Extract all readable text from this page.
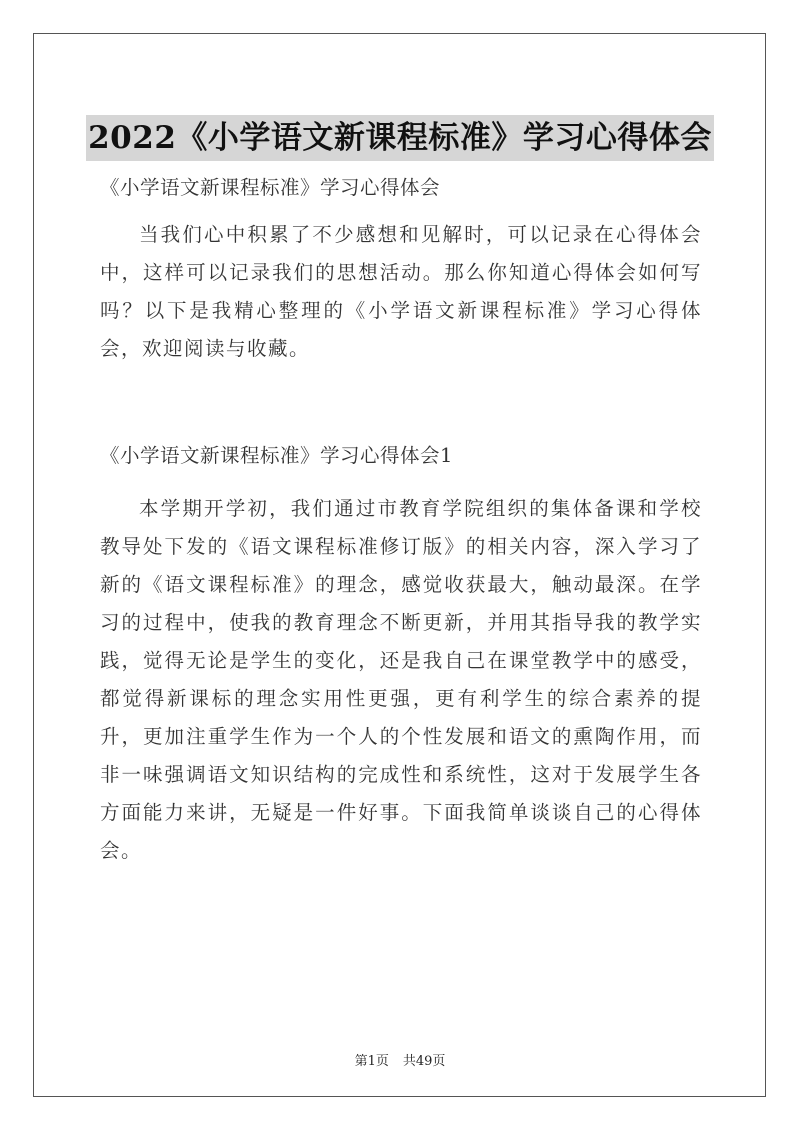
2022《小学语文新课程标准》学习心得体会

《小学语文新课程标准》学习心得体会

当我们心中积累了不少感想和见解时，可以记录在心得体会中，这样可以记录我们的思想活动。那么你知道心得体会如何写吗？以下是我精心整理的《小学语文新课程标准》学习心得体会，欢迎阅读与收藏。

《小学语文新课程标准》学习心得体会1

本学期开学初，我们通过市教育学院组织的集体备课和学校教导处下发的《语文课程标准修订版》的相关内容，深入学习了新的《语文课程标准》的理念，感觉收获最大，触动最深。在学习的过程中，使我的教育理念不断更新，并用其指导我的教学实践，觉得无论是学生的变化，还是我自己在课堂教学中的感受，都觉得新课标的理念实用性更强，更有利学生的综合素养的提升，更加注重学生作为一个人的个性发展和语文的熏陶作用，而非一味强调语文知识结构的完成性和系统性，这对于发展学生各方面能力来讲，无疑是一件好事。下面我简单谈谈自己的心得体会。

第1页 共49页
